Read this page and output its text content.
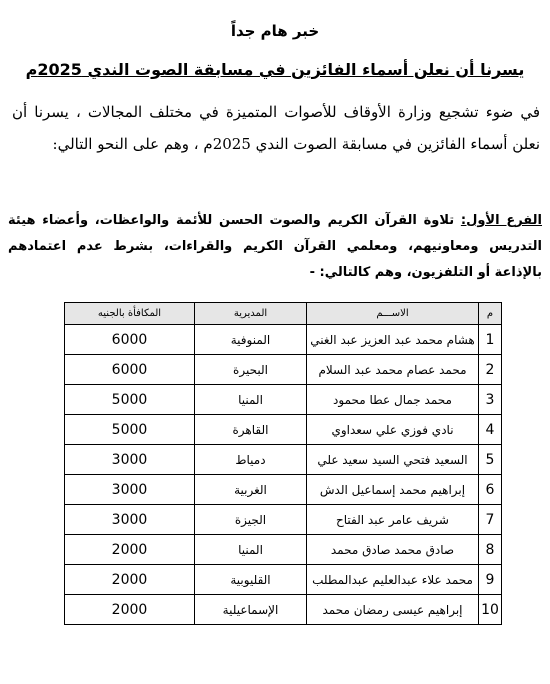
خبر هام جداً
يسرنا أن نعلن أسماء الفائزين في مسابقة الصوت الندي 2025م
في ضوء تشجيع وزارة الأوقاف للأصوات المتميزة في مختلف المجالات ، يسرنا أن نعلن أسماء الفائزين في مسابقة الصوت الندي 2025م ، وهم على النحو التالي:
الفرع الأول: تلاوة القرآن الكريم والصوت الحسن للأئمة والواعظات، وأعضاء هيئة التدريس ومعاونيهم، ومعلمي القرآن الكريم والقراءات، بشرط عدم اعتمادهم بالإذاعة أو التلفزيون، وهم كالتالي: -
م	الاســـم	المديرية	المكافأة بالجنيه
1	هشام محمد عبد العزيز عبد الغني	المنوفية	6000
2	محمد عصام محمد عبد السلام	البحيرة	6000
3	محمد جمال عطا محمود	المنيا	5000
4	نادي فوزي علي سعداوي	القاهرة	5000
5	السعيد فتحي السيد سعيد علي	دمياط	3000
6	إبراهيم محمد إسماعيل الدش	الغربية	3000
7	شريف عامر عبد الفتاح	الجيزة	3000
8	صادق محمد صادق محمد	المنيا	2000
9	محمد علاء عبدالعليم عبدالمطلب	القليوبية	2000
10	إبراهيم عيسى رمضان محمد	الإسماعيلية	2000
